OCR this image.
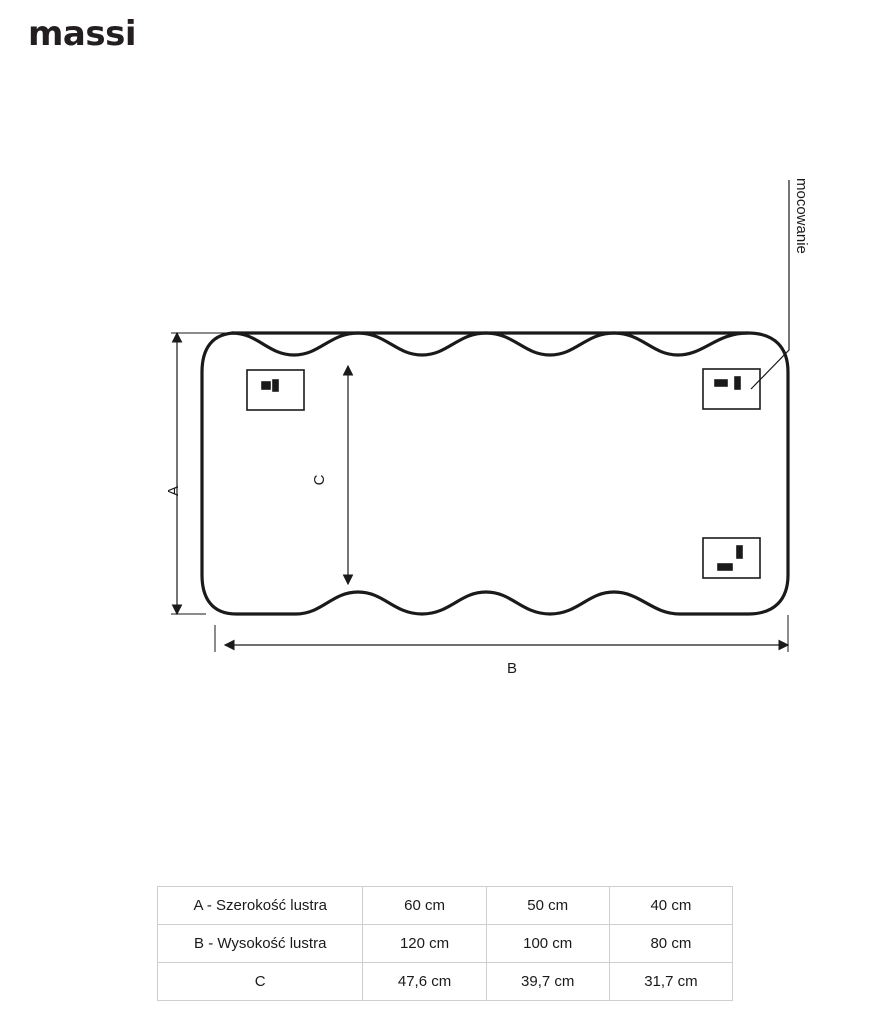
massi
mocowanie
A
C
B
A - Szerokość lustra	60 cm	50 cm	40 cm
B - Wysokość lustra	120 cm	100 cm	80 cm
C	47,6 cm	39,7 cm	31,7 cm
